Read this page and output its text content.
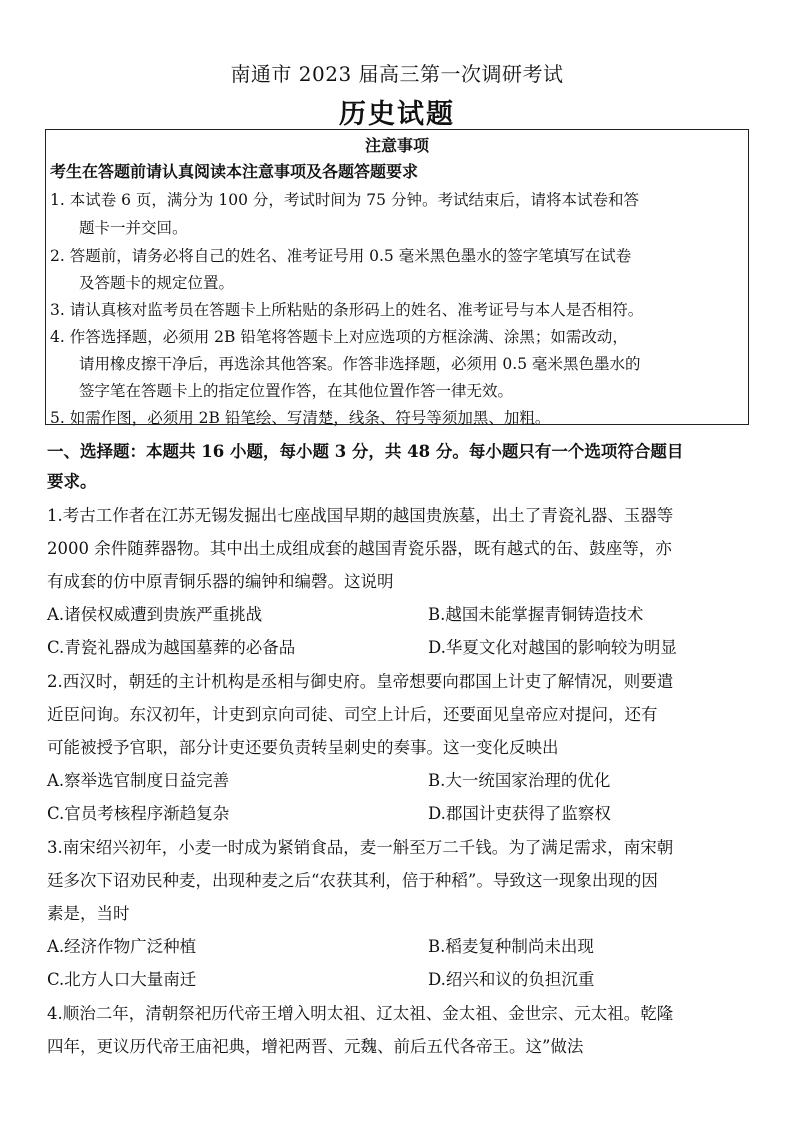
南通市 2023 届高三第一次调研考试
历史试题
注意事项
考生在答题前请认真阅读本注意事项及各题答题要求
1. 本试卷 6 页，满分为 100 分，考试时间为 75 分钟。考试结束后，请将本试卷和答
题卡一并交回。
2. 答题前，请务必将自己的姓名、准考证号用 0.5 毫米黑色墨水的签字笔填写在试卷
及答题卡的规定位置。
3. 请认真核对监考员在答题卡上所粘贴的条形码上的姓名、准考证号与本人是否相符。
4. 作答选择题，必须用 2B 铅笔将答题卡上对应选项的方框涂满、涂黑；如需改动，
请用橡皮擦干净后，再选涂其他答案。作答非选择题，必须用 0.5 毫米黑色墨水的
签字笔在答题卡上的指定位置作答，在其他位置作答一律无效。
5. 如需作图，必须用 2B 铅笔绘、写清楚，线条、符号等须加黑、加粗。
一、选择题：本题共 16 小题，每小题 3 分，共 48 分。每小题只有一个选项符合题目
要求。
1.考古工作者在江苏无锡发掘出七座战国早期的越国贵族墓，出土了青瓷礼器、玉器等
2000 余件随葬器物。其中出土成组成套的越国青瓷乐器，既有越式的缶、鼓座等，亦
有成套的仿中原青铜乐器的编钟和编磬。这说明
A.诸侯权威遭到贵族严重挑战	B.越国未能掌握青铜铸造技术
C.青瓷礼器成为越国墓葬的必备品	D.华夏文化对越国的影响较为明显
2.西汉时，朝廷的主计机构是丞相与御史府。皇帝想要向郡国上计吏了解情况，则要遣
近臣问询。东汉初年，计吏到京向司徒、司空上计后，还要面见皇帝应对提问，还有
可能被授予官职，部分计吏还要负责转呈刺史的奏事。这一变化反映出
A.察举选官制度日益完善	B.大一统国家治理的优化
C.官员考核程序渐趋复杂	D.郡国计吏获得了监察权
3.南宋绍兴初年，小麦一时成为紧销食品，麦一斛至万二千钱。为了满足需求，南宋朝
廷多次下诏劝民种麦，出现种麦之后“农获其利，倍于种稻”。导致这一现象出现的因
素是，当时
A.经济作物广泛种植	B.稻麦复种制尚未出现
C.北方人口大量南迁	D.绍兴和议的负担沉重
4.顺治二年，清朝祭祀历代帝王增入明太祖、辽太祖、金太祖、金世宗、元太祖。乾隆
四年，更议历代帝王庙祀典，增祀两晋、元魏、前后五代各帝王。这”做法
